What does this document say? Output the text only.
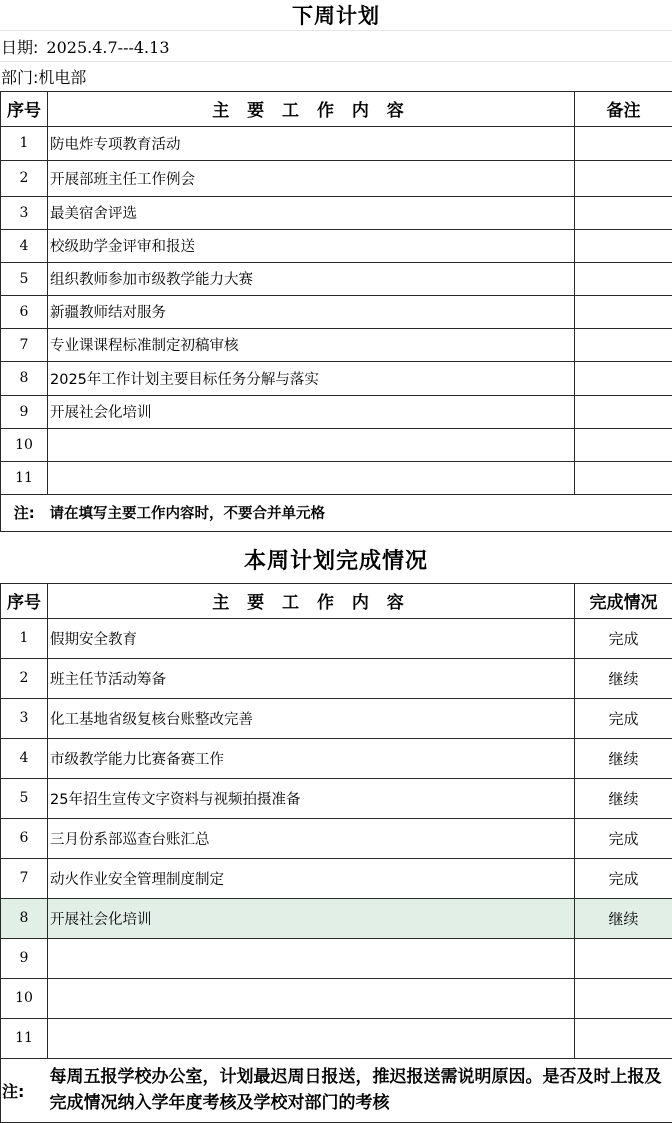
下周计划
日期: 2025.4.7---4.13
部门:机电部
序号	主 要 工 作 内 容	备注
1	防电炸专项教育活动	
2	开展部班主任工作例会	
3	最美宿舍评选	
4	校级助学金评审和报送	
5	组织教师参加市级教学能力大赛	
6	新疆教师结对服务	
7	专业课课程标准制定初稿审核	
8	2025年工作计划主要目标任务分解与落实	
9	开展社会化培训	
10		
11		
注:	请在填写主要工作内容时，不要合并单元格	
本周计划完成情况
序号	主 要 工 作 内 容	完成情况
1	假期安全教育	完成
2	班主任节活动筹备	继续
3	化工基地省级复核台账整改完善	完成
4	市级教学能力比赛备赛工作	继续
5	25年招生宣传文字资料与视频拍摄准备	继续
6	三月份系部巡查台账汇总	完成
7	动火作业安全管理制度制定	完成
8	开展社会化培训	继续
9		
10		
11		
注:	每周五报学校办公室，计划最迟周日报送，推迟报送需说明原因。是否及时上报及完成情况纳入学年度考核及学校对部门的考核	
